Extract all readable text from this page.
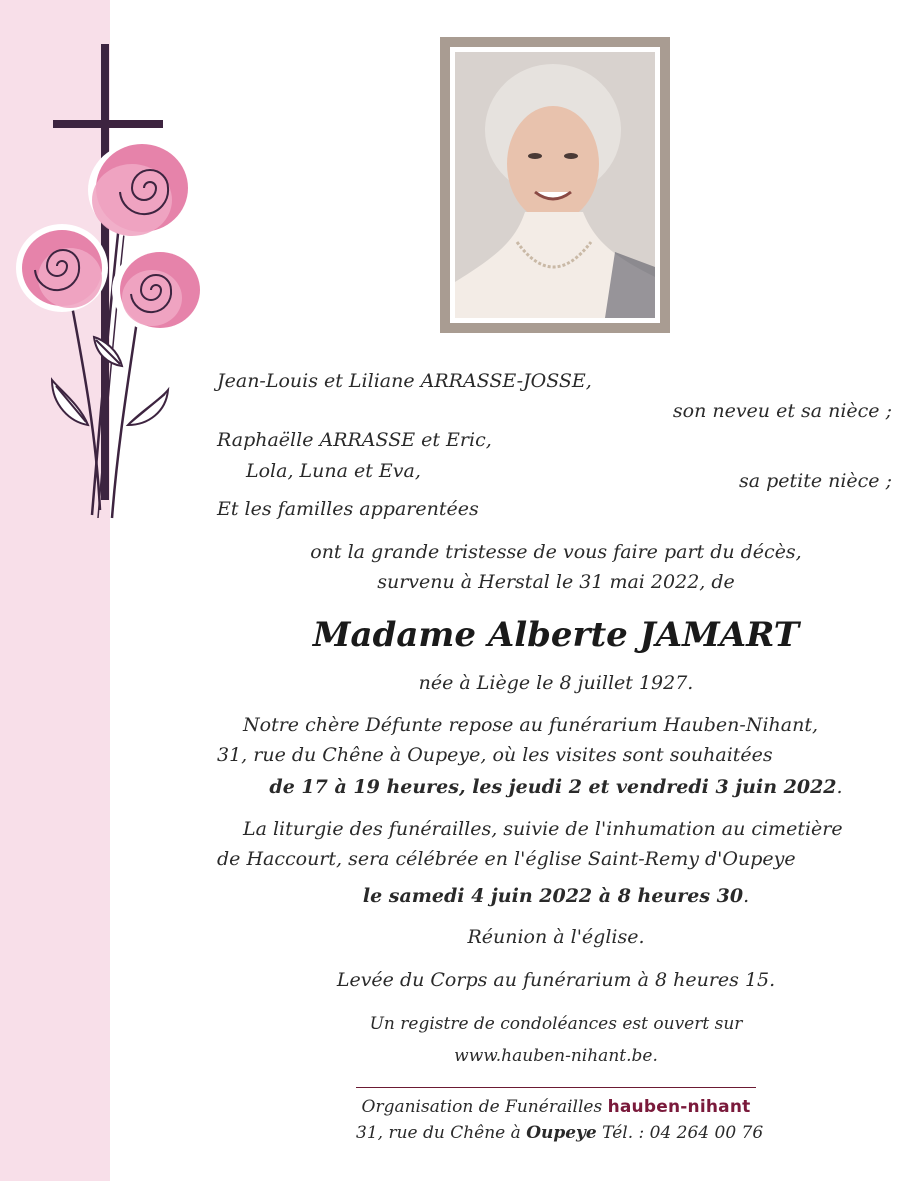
Jean-Louis et Liliane ARRASSE-JOSSE,

son neveu et sa nièce ;

Raphaëlle ARRASSE et Eric,

Lola, Luna et Eva,	sa petite nièce ;

Et les familles apparentées

ont la grande tristesse de vous faire part du décès,

survenu à Herstal le 31 mai 2022, de

Madame Alberte JAMART

née à Liège le 8 juillet 1927.

Notre chère Défunte repose au funérarium Hauben-Nihant,

31, rue du Chêne à Oupeye, où les visites sont souhaitées

de 17 à 19 heures, les jeudi 2 et vendredi 3 juin 2022.

La liturgie des funérailles, suivie de l'inhumation au cimetière

de Haccourt, sera célébrée en l'église Saint-Remy d'Oupeye

le samedi 4 juin 2022 à 8 heures 30.

Réunion à l'église.

Levée du Corps au funérarium à 8 heures 15.

Un registre de condoléances est ouvert sur

www.hauben-nihant.be.

Organisation de Funérailles hauben-nihant

31, rue du Chêne à Oupeye Tél. : 04 264 00 76
